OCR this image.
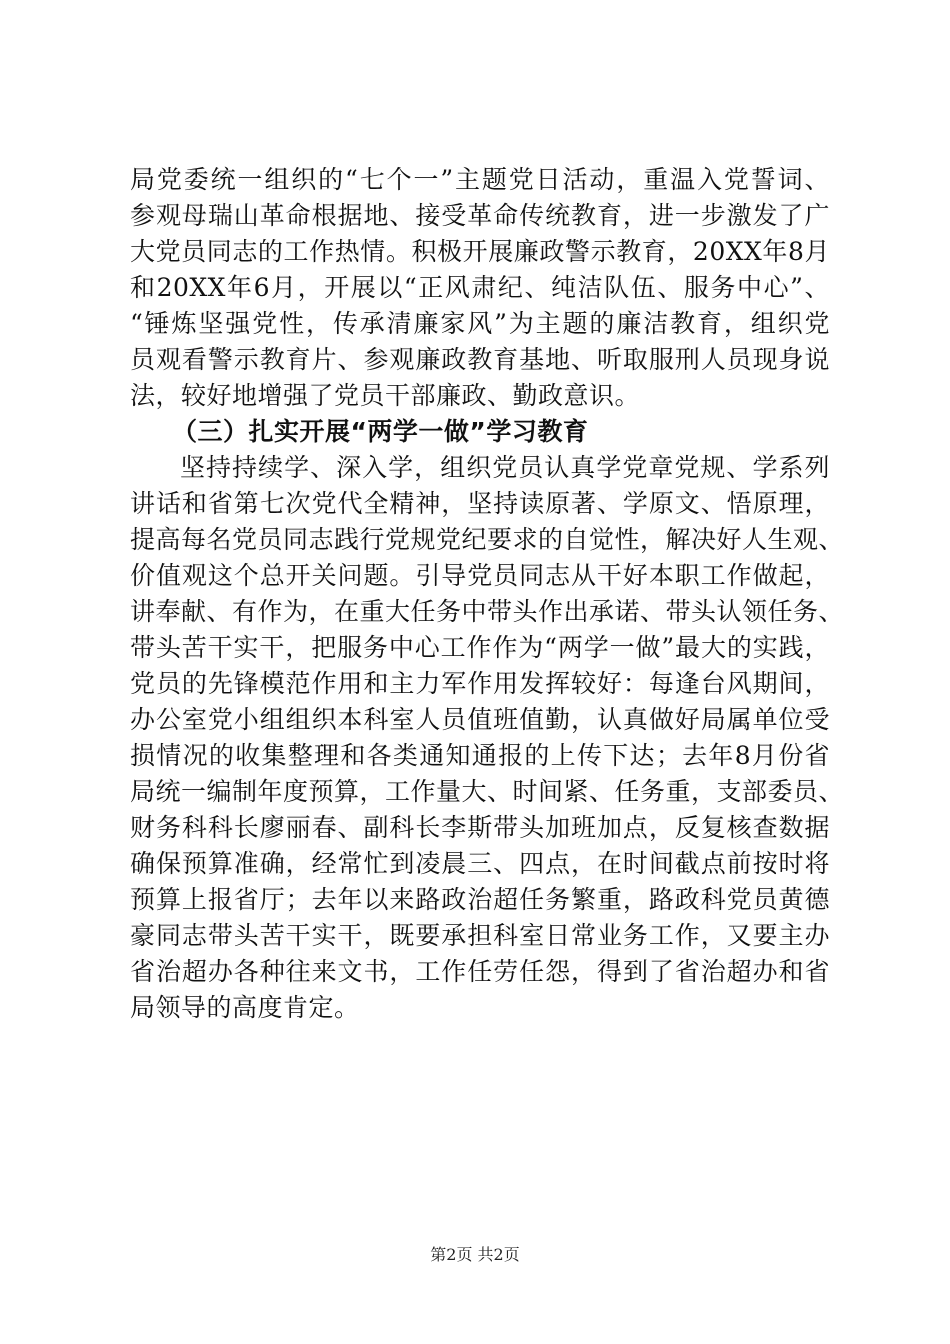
局党委统一组织的“七个一”主题党日活动，重温入党誓词、
参观母瑞山革命根据地、接受革命传统教育，进一步激发了广
大党员同志的工作热情。积极开展廉政警示教育，20XX年8月
和20XX年6月，开展以“正风肃纪、纯洁队伍、服务中心”、
“锤炼坚强党性，传承清廉家风”为主题的廉洁教育，组织党
员观看警示教育片、参观廉政教育基地、听取服刑人员现身说
法，较好地增强了党员干部廉政、勤政意识。
（三）扎实开展“两学一做”学习教育
坚持持续学、深入学，组织党员认真学党章党规、学系列
讲话和省第七次党代全精神，坚持读原著、学原文、悟原理，
提高每名党员同志践行党规党纪要求的自觉性，解决好人生观、
价值观这个总开关问题。引导党员同志从干好本职工作做起，
讲奉献、有作为，在重大任务中带头作出承诺、带头认领任务、
带头苦干实干，把服务中心工作作为“两学一做”最大的实践，
党员的先锋模范作用和主力军作用发挥较好：每逢台风期间，
办公室党小组组织本科室人员值班值勤，认真做好局属单位受
损情况的收集整理和各类通知通报的上传下达；去年8月份省
局统一编制年度预算，工作量大、时间紧、任务重，支部委员、
财务科科长廖丽春、副科长李斯带头加班加点，反复核查数据
确保预算准确，经常忙到凌晨三、四点，在时间截点前按时将
预算上报省厅；去年以来路政治超任务繁重，路政科党员黄德
豪同志带头苦干实干，既要承担科室日常业务工作，又要主办
省治超办各种往来文书，工作任劳任怨，得到了省治超办和省
局领导的高度肯定。
第2页 共2页
